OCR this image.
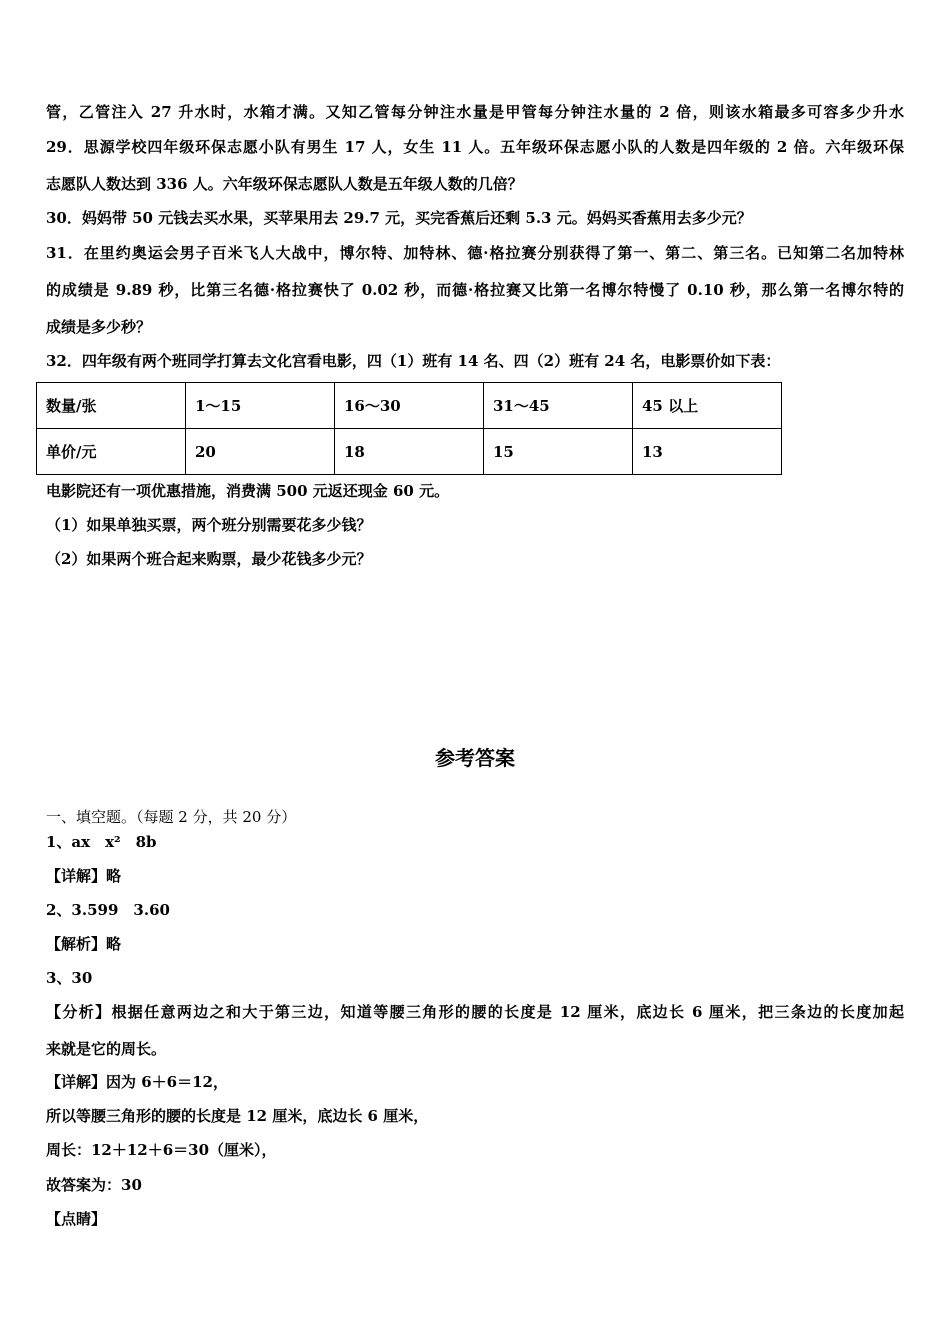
管，乙管注入 27 升水时，水箱才满。又知乙管每分钟注水量是甲管每分钟注水量的 2 倍，则该水箱最多可容多少升水
29．思源学校四年级环保志愿小队有男生 17 人，女生 11 人。五年级环保志愿小队的人数是四年级的 2 倍。六年级环保
志愿队人数达到 336 人。六年级环保志愿队人数是五年级人数的几倍？
30．妈妈带 50 元钱去买水果，买苹果用去 29.7 元，买完香蕉后还剩 5.3 元。妈妈买香蕉用去多少元？
31．在里约奥运会男子百米飞人大战中，博尔特、加特林、德·格拉赛分别获得了第一、第二、第三名。已知第二名加特林
的成绩是 9.89 秒，比第三名德·格拉赛快了 0.02 秒，而德·格拉赛又比第一名博尔特慢了 0.10 秒，那么第一名博尔特的
成绩是多少秒？
32．四年级有两个班同学打算去文化宫看电影，四（1）班有 14 名、四（2）班有 24 名，电影票价如下表：
数量/张	1～15	16～30	31～45	45 以上
单价/元	20	18	15	13
电影院还有一项优惠措施，消费满 500 元返还现金 60 元。
（1）如果单独买票，两个班分别需要花多少钱？
（2）如果两个班合起来购票，最少花钱多少元？
参考答案
一、填空题。（每题 2 分，共 20 分）
1、ax　x²　8b
【详解】略
2、3.599　3.60
【解析】略
3、30
【分析】根据任意两边之和大于第三边，知道等腰三角形的腰的长度是 12 厘米，底边长 6 厘米，把三条边的长度加起
来就是它的周长。
【详解】因为 6＋6＝12，
所以等腰三角形的腰的长度是 12 厘米，底边长 6 厘米，
周长：12＋12＋6＝30（厘米），
故答案为：30
【点睛】
